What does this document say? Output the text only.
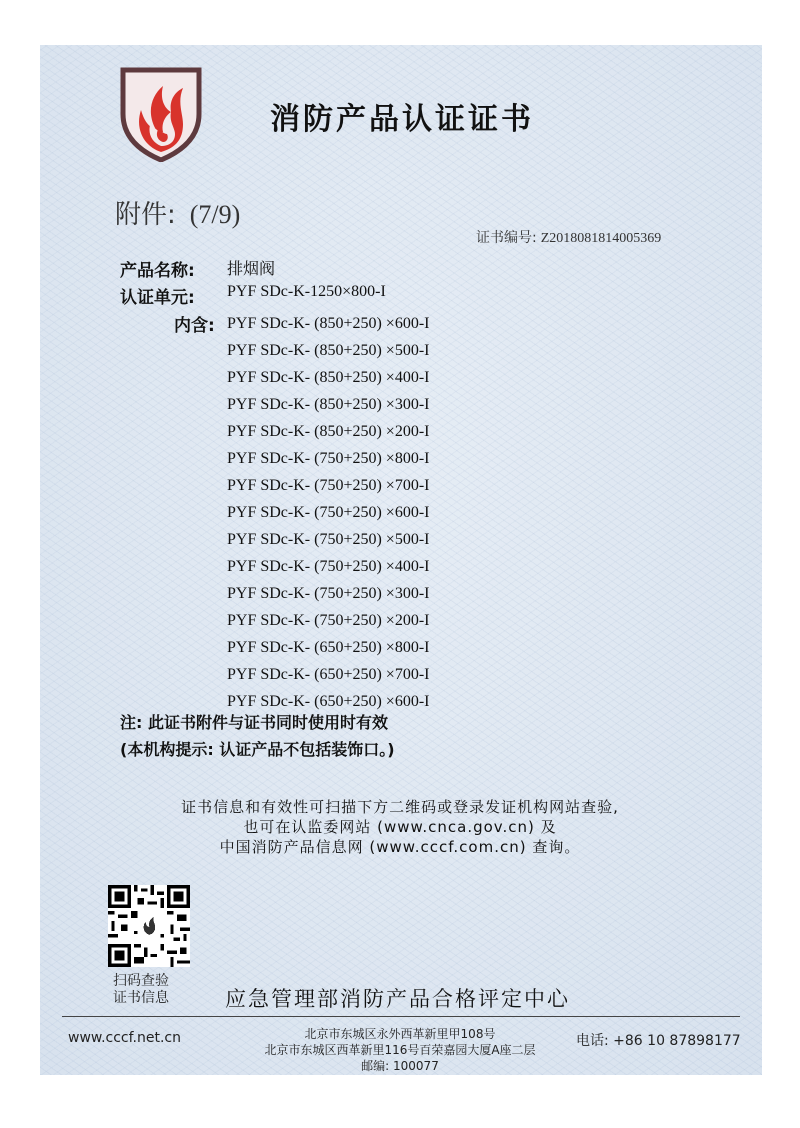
消防产品认证证书
附件: (7/9)
证书编号: Z2018081814005369
产品名称: 排烟阀
认证单元: PYF SDc-K-1250×800-I
内含: PYF SDc-K- (850+250) ×600-I
PYF SDc-K- (850+250) ×500-I
PYF SDc-K- (850+250) ×400-I
PYF SDc-K- (850+250) ×300-I
PYF SDc-K- (850+250) ×200-I
PYF SDc-K- (750+250) ×800-I
PYF SDc-K- (750+250) ×700-I
PYF SDc-K- (750+250) ×600-I
PYF SDc-K- (750+250) ×500-I
PYF SDc-K- (750+250) ×400-I
PYF SDc-K- (750+250) ×300-I
PYF SDc-K- (750+250) ×200-I
PYF SDc-K- (650+250) ×800-I
PYF SDc-K- (650+250) ×700-I
PYF SDc-K- (650+250) ×600-I
注: 此证书附件与证书同时使用时有效
(本机构提示: 认证产品不包括装饰口。)
证书信息和有效性可扫描下方二维码或登录发证机构网站查验,
也可在认监委网站 (www.cnca.gov.cn) 及
中国消防产品信息网 (www.cccf.com.cn) 查询。
扫码查验
证书信息	应急管理部消防产品合格评定中心
www.cccf.net.cn	北京市东城区永外西革新里甲108号
北京市东城区西革新里116号百荣嘉园大厦A座二层
邮编: 100077
电话: +86 10 87898177
